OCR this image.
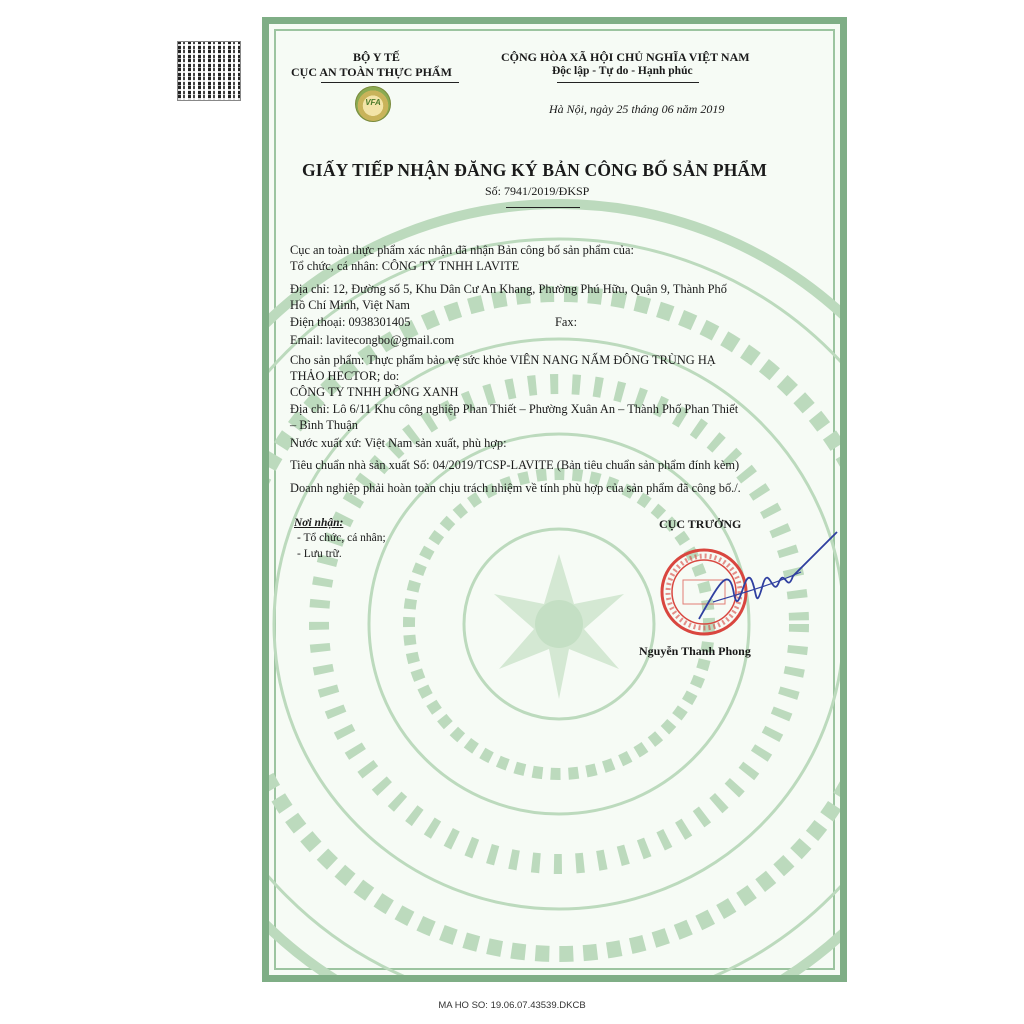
VFA
BỘ Y TẾ
CỤC AN TOÀN THỰC PHẨM
CỘNG HÒA XÃ HỘI CHỦ NGHĨA VIỆT NAM
Độc lập - Tự do - Hạnh phúc
Hà Nội, ngày 25 tháng 06 năm 2019
GIẤY TIẾP NHẬN ĐĂNG KÝ BẢN CÔNG BỐ SẢN PHẨM
Số: 7941/2019/ĐKSP
Cục an toàn thực phẩm xác nhận đã nhận Bản công bố sản phẩm của:
Tổ chức, cá nhân: CÔNG TY TNHH LAVITE
Địa chỉ: 12, Đường số 5, Khu Dân Cư An Khang, Phường Phú Hữu, Quận 9, Thành Phố
Hồ Chí Minh, Việt Nam
Điện thoại: 0938301405	Fax:
Email: lavitecongbo@gmail.com
Cho sản phẩm: Thực phẩm bảo vệ sức khỏe VIÊN NANG NẤM ĐÔNG TRÙNG HẠ
THẢO HECTOR; do:
CÔNG TY TNHH RỒNG XANH
Địa chỉ: Lô 6/11 Khu công nghiệp Phan Thiết – Phường Xuân An – Thành Phố Phan Thiết
– Bình Thuận
Nước xuất xứ: Việt Nam sản xuất, phù hợp:
Tiêu chuẩn nhà sản xuất Số: 04/2019/TCSP-LAVITE (Bản tiêu chuẩn sản phẩm đính kèm)
Doanh nghiệp phải hoàn toàn chịu trách nhiệm về tính phù hợp của sản phẩm đã công bố./.
Nơi nhận:
- Tổ chức, cá nhân;
- Lưu trữ.
CỤC TRƯỞNG
Nguyễn Thanh Phong
MA HO SO: 19.06.07.43539.DKCB
